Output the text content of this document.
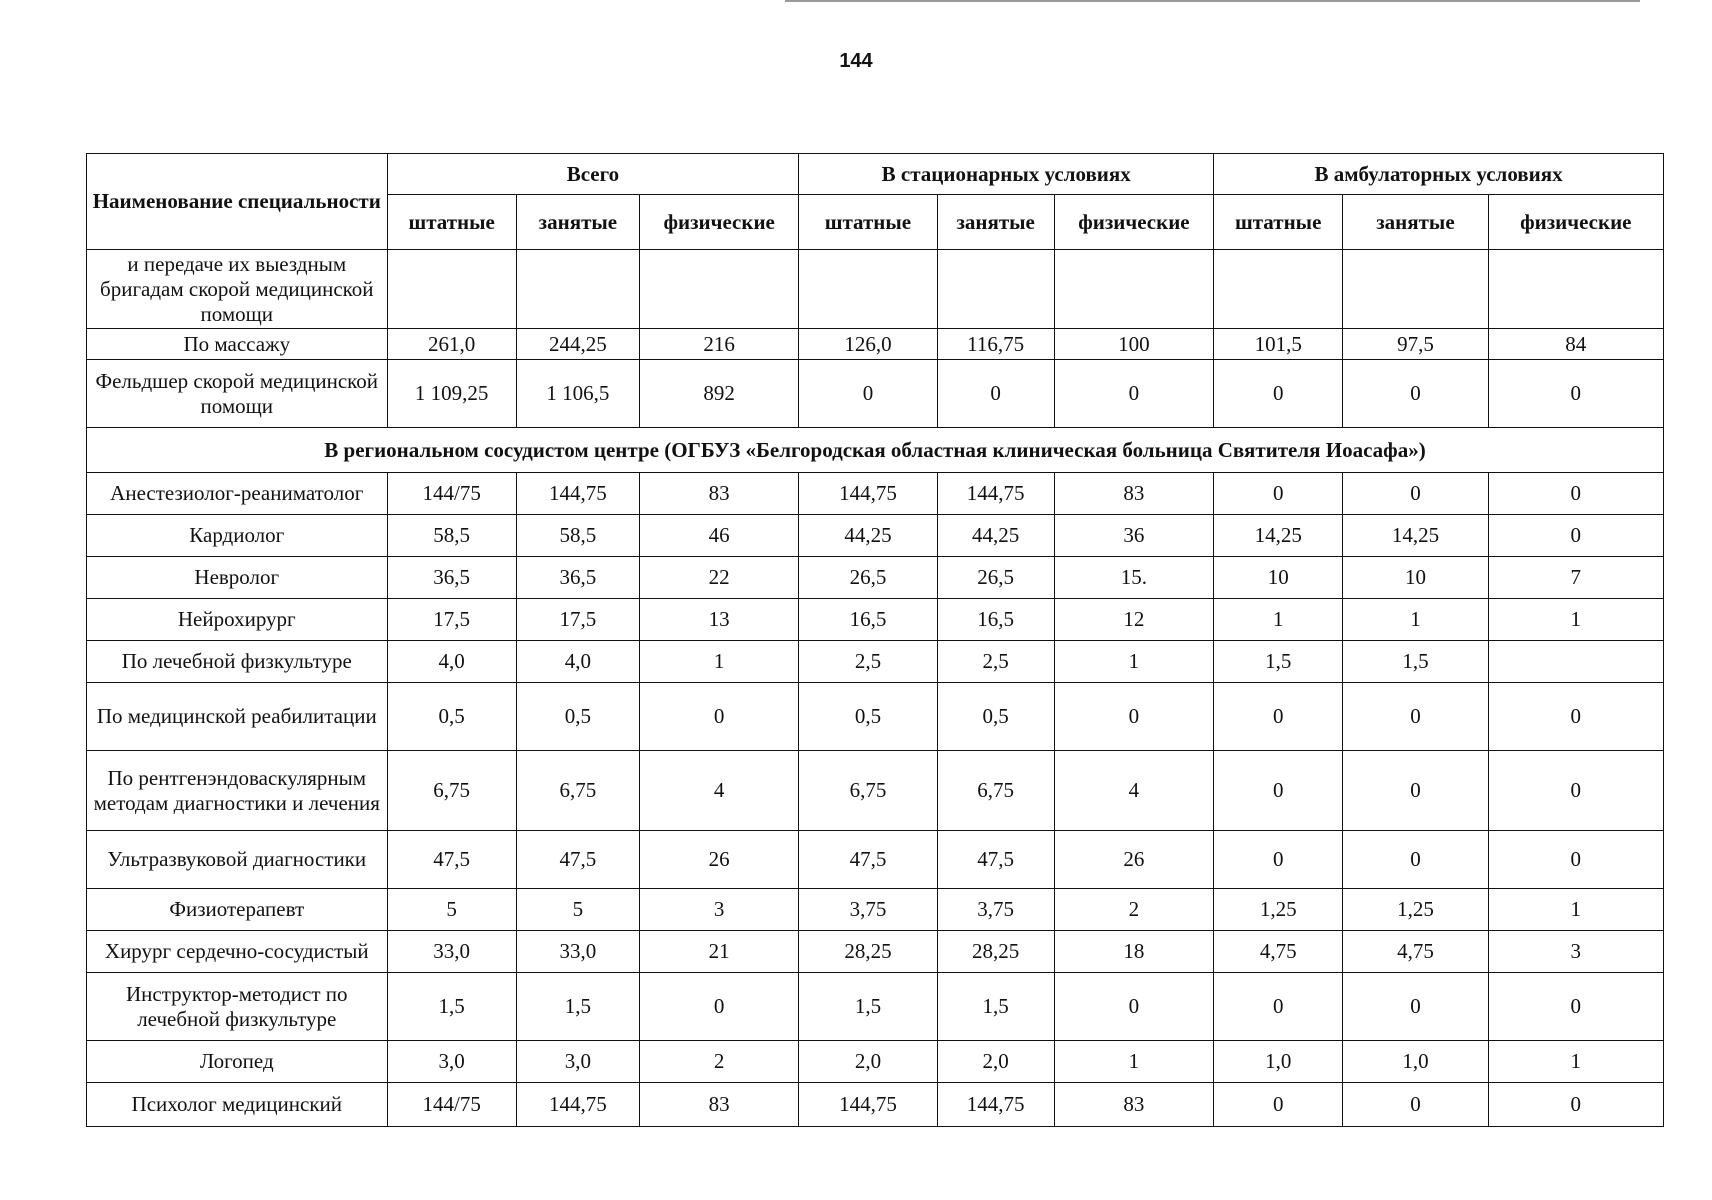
144
Наименование специальности	Всего			В стационарных условиях			В амбулаторных условиях		
	штатные	занятые	физические	штатные	занятые	физические	штатные	занятые	физические
и передаче их выездным бригадам скорой медицинской помощи									
По массажу	261,0	244,25	216	126,0	116,75	100	101,5	97,5	84
Фельдшер скорой медицинской помощи	1 109,25	1 106,5	892	0	0	0	0	0	0
В региональном сосудистом центре (ОГБУЗ «Белгородская областная клиническая больница Святителя Иоасафа»)									
Анестезиолог-реаниматолог	144/75	144,75	83	144,75	144,75	83	0	0	0
Кардиолог	58,5	58,5	46	44,25	44,25	36	14,25	14,25	0
Невролог	36,5	36,5	22	26,5	26,5	15.	10	10	7
Нейрохирург	17,5	17,5	13	16,5	16,5	12	1	1	1
По лечебной физкультуре	4,0	4,0	1	2,5	2,5	1	1,5	1,5	
По медицинской реабилитации	0,5	0,5	0	0,5	0,5	0	0	0	0
По рентгенэндоваскулярным методам диагностики и лечения	6,75	6,75	4	6,75	6,75	4	0	0	0
Ультразвуковой диагностики	47,5	47,5	26	47,5	47,5	26	0	0	0
Физиотерапевт	5	5	3	3,75	3,75	2	1,25	1,25	1
Хирург сердечно-сосудистый	33,0	33,0	21	28,25	28,25	18	4,75	4,75	3
Инструктор-методист по лечебной физкультуре	1,5	1,5	0	1,5	1,5	0	0	0	0
Логопед	3,0	3,0	2	2,0	2,0	1	1,0	1,0	1
Психолог медицинский	144/75	144,75	83	144,75	144,75	83	0	0	0
